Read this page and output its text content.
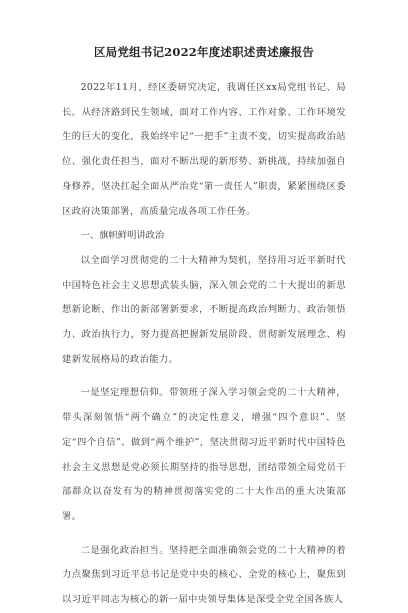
区局党组书记2022年度述职述责述廉报告

2022年11月，经区委研究决定，我调任区xx局党组书记、局长。从经济路到民生领域，面对工作内容、工作对象、工作环境发生的巨大的变化，我始终牢记“一把手”主责不变，切实提高政治站位、强化责任担当，面对不断出现的新形势、新挑战，持续加强自身修养，坚决扛起全面从严治党“第一责任人”职责，紧紧围绕区委区政府决策部署，高质量完成各项工作任务。

一、旗帜鲜明讲政治

以全面学习贯彻党的二十大精神为契机，坚持用习近平新时代中国特色社会主义思想武装头脑，深入领会党的二十大提出的新思想新论断、作出的新部署新要求，不断提高政治判断力、政治领悟力、政治执行力，努力提高把握新发展阶段、贯彻新发展理念、构建新发展格局的政治能力。

一是坚定理想信仰。带领班子深入学习领会党的二十大精神，带头深刻领悟“两个确立”的决定性意义，增强“四个意识”、坚定“四个自信”、做到“两个维护”，坚决贯彻习近平新时代中国特色社会主义思想是党必须长期坚持的指导思想，团结带领全局党员干部群众以奋发有为的精神贯彻落实党的二十大作出的重大决策部署。

二是强化政治担当。坚持把全面准确领会党的二十大精神的着力点聚焦到习近平总书记是党中央的核心、全党的核心上，聚焦到以习近平同志为核心的新一届中央领导集体是深受全党全国各族人
